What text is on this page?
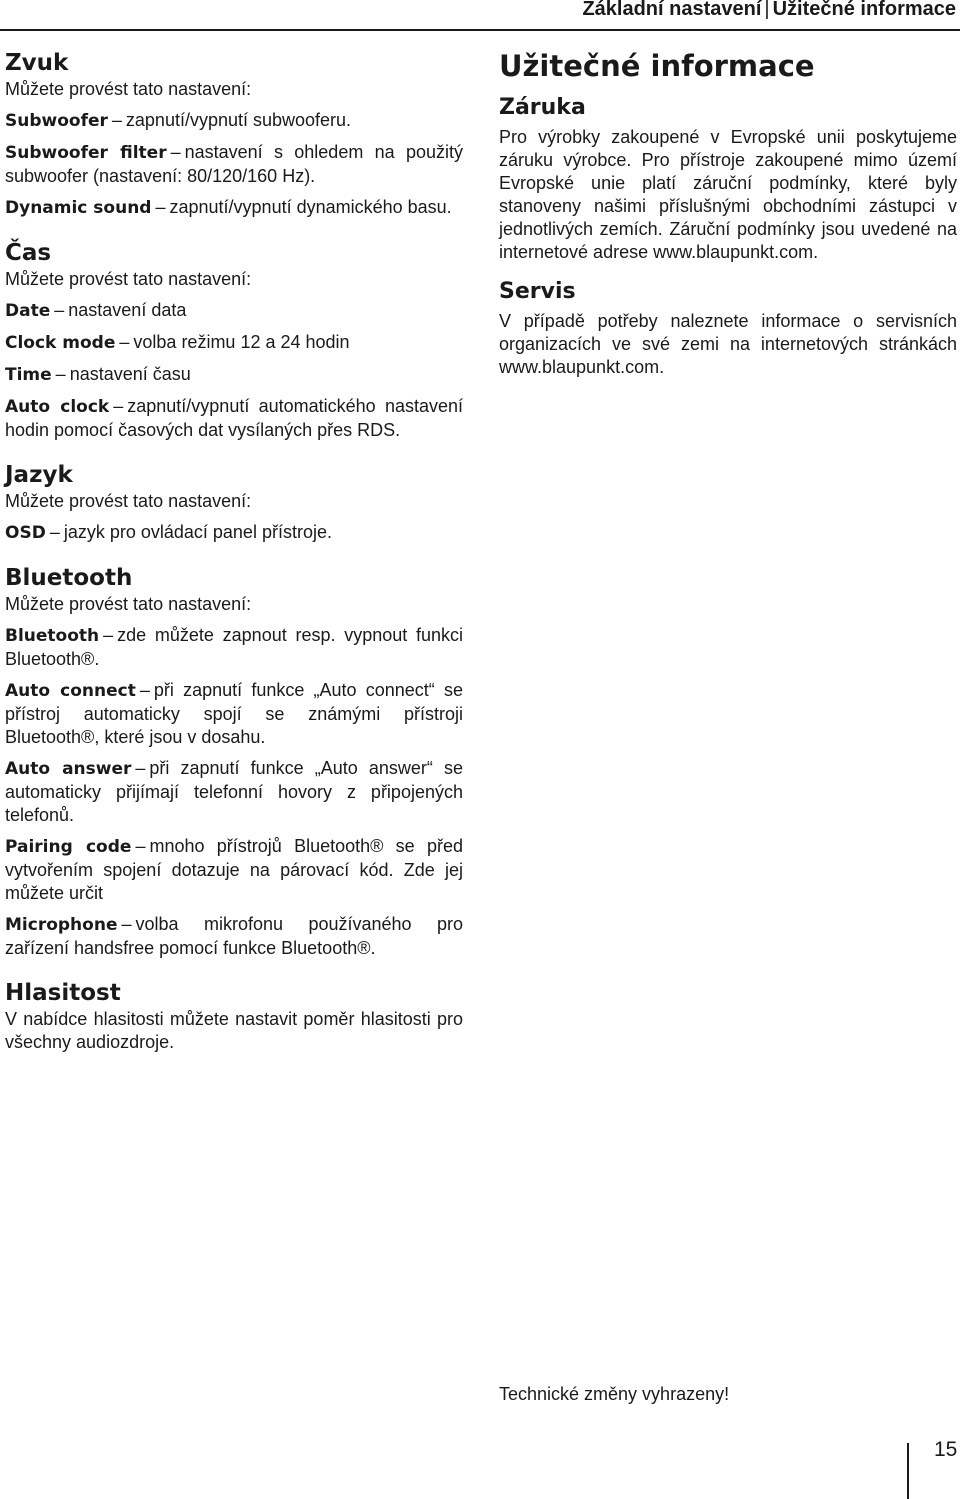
Základní nastavení | Užitečné informace
Zvuk

Můžete provést tato nastavení:

Subwoofer – zapnutí/vypnutí subwooferu.

Subwoofer filter – nastavení s ohledem na použitý subwoofer (nastavení: 80/120/160 Hz).

Dynamic sound – zapnutí/vypnutí dynamického basu.

Čas

Můžete provést tato nastavení:

Date – nastavení data

Clock mode – volba režimu 12 a 24 hodin

Time – nastavení času

Auto clock – zapnutí/vypnutí automatického nastavení hodin pomocí časových dat vysílaných přes RDS.

Jazyk

Můžete provést tato nastavení:

OSD – jazyk pro ovládací panel přístroje.

Bluetooth

Můžete provést tato nastavení:

Bluetooth – zde můžete zapnout resp. vypnout funkci Bluetooth®.

Auto connect – při zapnutí funkce „Auto connect“ se přístroj automaticky spojí se známými přístroji Bluetooth®, které jsou v dosahu.

Auto answer – při zapnutí funkce „Auto answer“ se automaticky přijímají telefonní hovory z připojených telefonů.

Pairing code – mnoho přístrojů Bluetooth® se před vytvořením spojení dotazuje na párovací kód. Zde jej můžete určit

Microphone – volba mikrofonu používaného pro zařízení handsfree pomocí funkce Bluetooth®.

Hlasitost

V nabídce hlasitosti můžete nastavit poměr hlasitosti pro všechny audiozdroje.

Užitečné informace
Záruka

Pro výrobky zakoupené v Evropské unii poskytujeme záruku výrobce. Pro přístroje zakoupené mimo území Evropské unie platí záruční podmínky, které byly stanoveny našimi příslušnými obchodními zástupci v jednotlivých zemích. Záruční podmínky jsou uvedené na internetové adrese www.blaupunkt.com.

Servis

V případě potřeby naleznete informace o servisních organizacích ve své zemi na internetových stránkách www.blaupunkt.com.

Technické změny vyhrazeny!
15
